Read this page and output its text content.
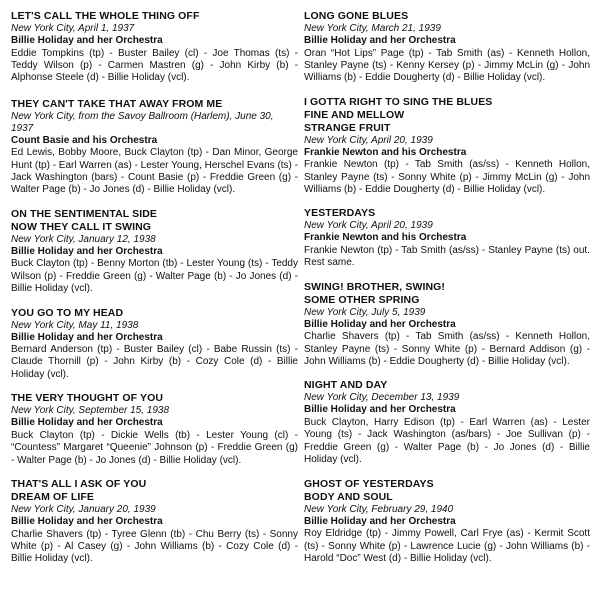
LET'S CALL THE WHOLE THING OFF
New York City, April 1, 1937
Billie Holiday and her Orchestra
Eddie Tompkins (tp) - Buster Bailey (cl) - Joe Thomas (ts) - Teddy Wilson (p) - Carmen Mastren (g) - John Kirby (b) - Alphonse Steele (d) - Billie Holiday (vcl).
THEY CAN'T TAKE THAT AWAY FROM ME
New York City, from the Savoy Ballroom (Harlem), June 30, 1937
Count Basie and his Orchestra
Ed Lewis, Bobby Moore, Buck Clayton (tp) - Dan Minor, George Hunt (tp) - Earl Warren (as) - Lester Young, Herschel Evans (ts) - Jack Washington (bars) - Count Basie (p) - Freddie Green (g) - Walter Page (b) - Jo Jones (d) - Billie Holiday (vcl).
ON THE SENTIMENTAL SIDE
NOW THEY CALL IT SWING
New York City, January 12, 1938
Billie Holiday and her Orchestra
Buck Clayton (tp) - Benny Morton (tb) - Lester Young (ts) - Teddy Wilson (p) - Freddie Green (g) - Walter Page (b) - Jo Jones (d) - Billie Holiday (vcl).
YOU GO TO MY HEAD
New York City, May 11, 1938
Billie Holiday and her Orchestra
Bernard Anderson (tp) - Buster Bailey (cl) - Babe Russin (ts) - Claude Thornill (p) - John Kirby (b) - Cozy Cole (d) - Billie Holiday (vcl).
THE VERY THOUGHT OF YOU
New York City, September 15, 1938
Billie Holiday and her Orchestra
Buck Clayton (tp) - Dickie Wells (tb) - Lester Young (cl) - “Countess” Margaret “Queenie” Johnson (p) - Freddie Green (g) - Walter Page (b) - Jo Jones (d) - Billie Holiday (vcl).
THAT'S ALL I ASK OF YOU
DREAM OF LIFE
New York City, January 20, 1939
Billie Holiday and her Orchestra
Charlie Shavers (tp) - Tyree Glenn (tb) - Chu Berry (ts) - Sonny White (p) - Al Casey (g) - John Williams (b) - Cozy Cole (d) - Billie Holiday (vcl).
LONG GONE BLUES
New York City, March 21, 1939
Billie Holiday and her Orchestra
Oran “Hot Lips” Page (tp) - Tab Smith (as) - Kenneth Hollon, Stanley Payne (ts) - Kenny Kersey (p) - Jimmy McLin (g) - John Williams (b) - Eddie Dougherty (d) - Billie Holiday (vcl).
I GOTTA RIGHT TO SING THE BLUES
FINE AND MELLOW
STRANGE FRUIT
New York City, April 20, 1939
Frankie Newton and his Orchestra
Frankie Newton (tp) - Tab Smith (as/ss) - Kenneth Hollon, Stanley Payne (ts) - Sonny White (p) - Jimmy McLin (g) - John Williams (b) - Eddie Dougherty (d) - Billie Holiday (vcl).
YESTERDAYS
New York City, April 20, 1939
Frankie Newton and his Orchestra
Frankie Newton (tp) - Tab Smith (as/ss) - Stanley Payne (ts) out. Rest same.
SWING! BROTHER, SWING!
SOME OTHER SPRING
New York City, July 5, 1939
Billie Holiday and her Orchestra
Charlie Shavers (tp) - Tab Smith (as/ss) - Kenneth Hollon, Stanley Payne (ts) - Sonny White (p) - Bernard Addison (g) - John Williams (b) - Eddie Dougherty (d) - Billie Holiday (vcl).
NIGHT AND DAY
New York City, December 13, 1939
Billie Holiday and her Orchestra
Buck Clayton, Harry Edison (tp) - Earl Warren (as) - Lester Young (ts) - Jack Washington (as/bars) - Joe Sullivan (p) - Freddie Green (g) - Walter Page (b) - Jo Jones (d) - Billie Holiday (vcl).
GHOST OF YESTERDAYS
BODY AND SOUL
New York City, February 29, 1940
Billie Holiday and her Orchestra
Roy Eldridge (tp) - Jimmy Powell, Carl Frye (as) - Kermit Scott (ts) - Sonny White (p) - Lawrence Lucie (g) - John Williams (b) - Harold “Doc” West (d) - Billie Holiday (vcl).
